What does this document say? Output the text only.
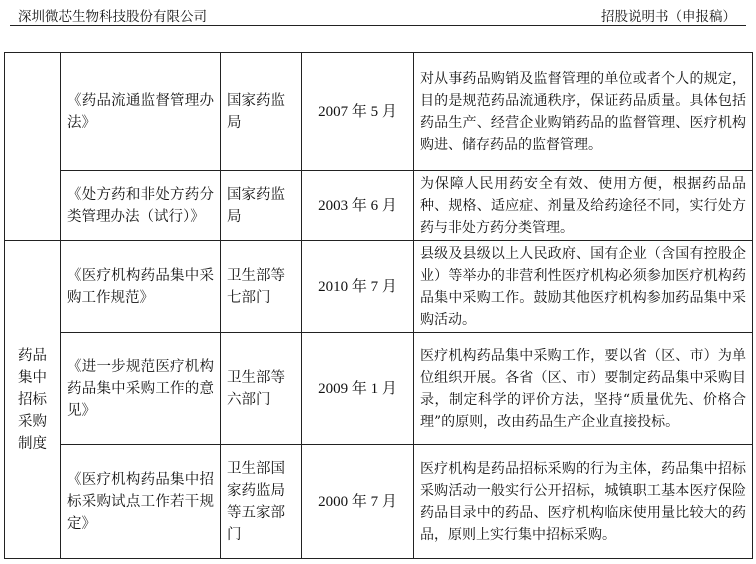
深圳微芯生物科技股份有限公司	招股说明书（申报稿）
	《药品流通监督管理办法》	国家药监局	2007 年 5 月	对从事药品购销及监督管理的单位或者个人的规定，目的是规范药品流通秩序，保证药品质量。具体包括药品生产、经营企业购销药品的监督管理、医疗机构购进、储存药品的监督管理。
	《处方药和非处方药分类管理办法（试行）》	国家药监局	2003 年 6 月	为保障人民用药安全有效、使用方便，根据药品品种、规格、适应症、剂量及给药途径不同，实行处方药与非处方药分类管理。
药品集中招标采购制度	《医疗机构药品集中采购工作规范》	卫生部等七部门	2010 年 7 月	县级及县级以上人民政府、国有企业（含国有控股企业）等举办的非营利性医疗机构必须参加医疗机构药品集中采购工作。鼓励其他医疗机构参加药品集中采购活动。
	《进一步规范医疗机构药品集中采购工作的意见》	卫生部等六部门	2009 年 1 月	医疗机构药品集中采购工作，要以省（区、市）为单位组织开展。各省（区、市）要制定药品集中采购目录，制定科学的评价方法，坚持“质量优先、价格合理”的原则，改由药品生产企业直接投标。
	《医疗机构药品集中招标采购试点工作若干规定》	卫生部国家药监局等五家部门	2000 年 7 月	医疗机构是药品招标采购的行为主体，药品集中招标采购活动一般实行公开招标，城镇职工基本医疗保险药品目录中的药品、医疗机构临床使用量比较大的药品，原则上实行集中招标采购。
